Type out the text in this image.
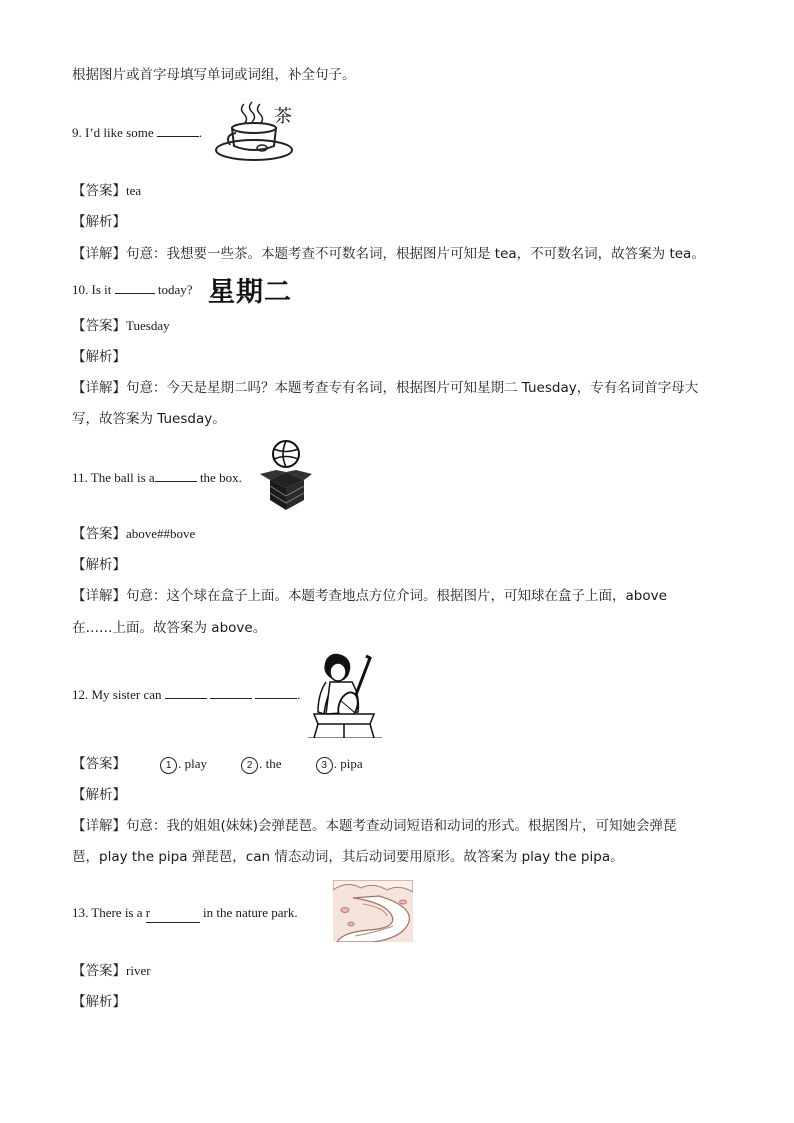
根据图片或首字母填写单词或词组，补全句子。
9. I’d like some	.
茶
【答案】tea
【解析】
【详解】句意：我想要一些茶。本题考查不可数名词，根据图片可知是 tea，不可数名词，故答案为 tea。
10. Is it	today? 星期二
【答案】Tuesday
【解析】
【详解】句意：今天是星期二吗？本题考查专有名词，根据图片可知星期二 Tuesday，专有名词首字母大
写，故答案为 Tuesday。
11. The ball is a	the box.
【答案】above##bove
【解析】
【详解】句意：这个球在盒子上面。本题考查地点方位介词。根据图片，可知球在盒子上面，above
在……上面。故答案为 above。
12. My sister can	.
【答案】	1 . play	2 . the	3 . pipa
【解析】
【详解】句意：我的姐姐(妹妹)会弹琵琶。本题考查动词短语和动词的形式。根据图片，可知她会弹琵
琶，play the pipa 弹琵琶，can 情态动词，其后动词要用原形。故答案为 play the pipa。
13. There is a r	in the nature park.
【答案】river
【解析】
